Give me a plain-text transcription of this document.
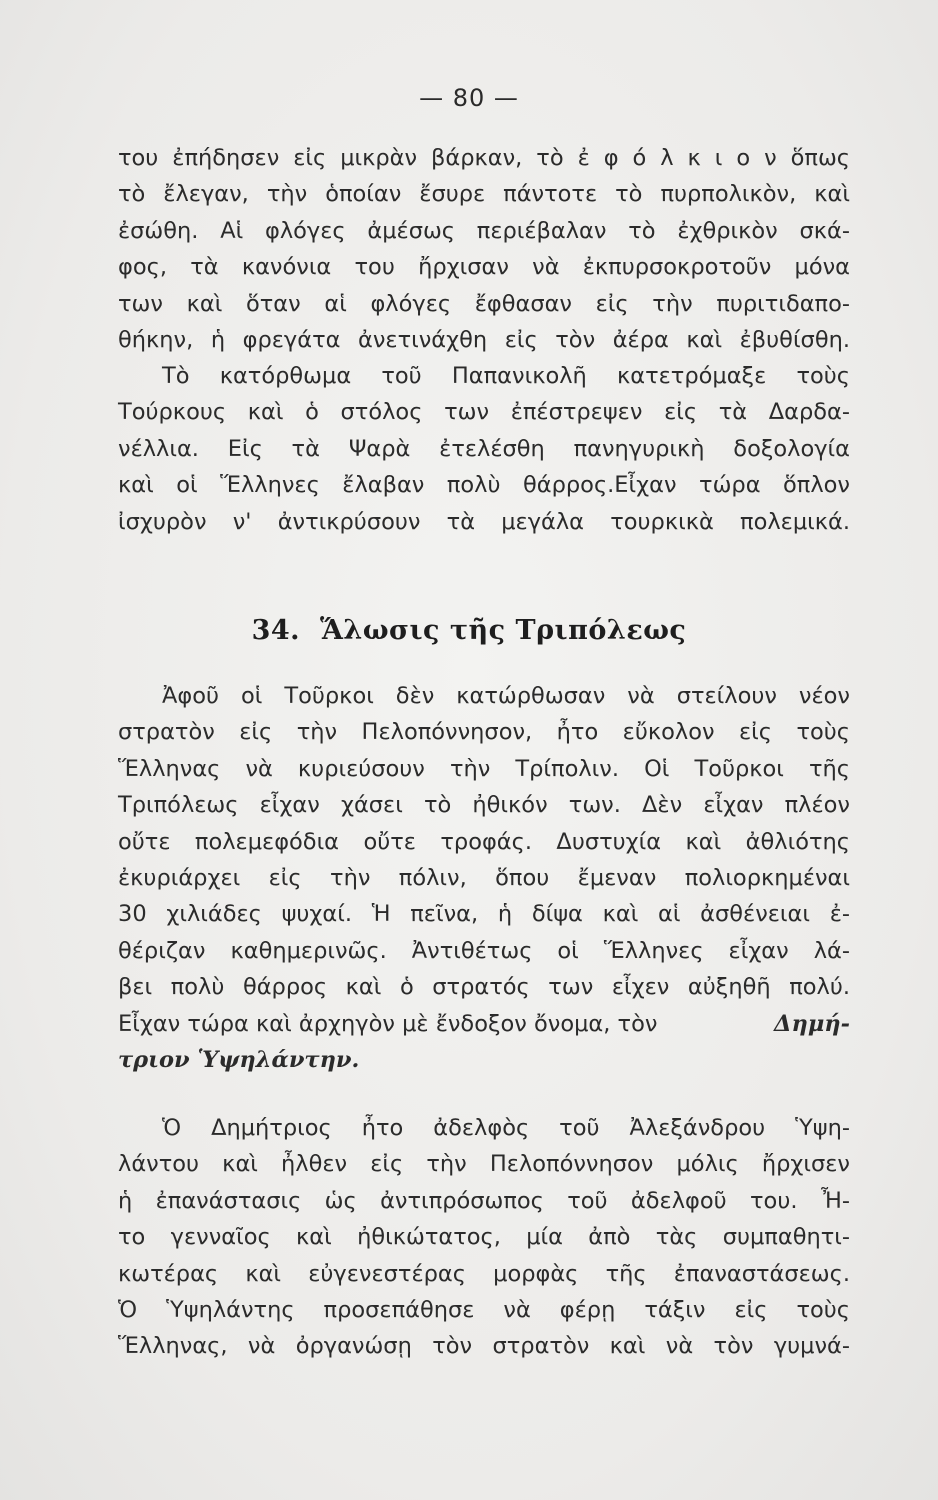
— 80 —
του ἐπήδησεν εἰς μικρὰν βάρκαν, τὸ ἐ φ ό λ κ ι ο ν ὅπως
τὸ ἔλεγαν, τὴν ὁποίαν ἔσυρε πάντοτε τὸ πυρπολικὸν, καὶ
ἐσώθη. Αἱ φλόγες ἀμέσως περιέβαλαν τὸ ἐχθρικὸν σκά-
φος, τὰ κανόνια του ἤρχισαν νὰ ἐκπυρσοκροτοῦν μόνα
των καὶ ὅταν αἱ φλόγες ἔφθασαν εἰς τὴν πυριτιδαπο-
θήκην, ἡ φρεγάτα ἀνετινάχθη εἰς τὸν ἀέρα καὶ ἐβυθίσθη.
Τὸ κατόρθωμα τοῦ Παπανικολῆ κατετρόμαξε τοὺς
Τούρκους καὶ ὁ στόλος των ἐπέστρεψεν εἰς τὰ Δαρδα-
νέλλια. Εἰς τὰ Ψαρὰ ἐτελέσθη πανηγυρικὴ δοξολογία
καὶ οἱ Ἕλληνες ἔλαβαν πολὺ θάρρος.Εἶχαν τώρα ὅπλον
ἰσχυρὸν ν' ἀντικρύσουν τὰ μεγάλα τουρκικὰ πολεμικά.
34. Ἅλωσις τῆς Τριπόλεως
Ἀφοῦ οἱ Τοῦρκοι δὲν κατώρθωσαν νὰ στείλουν νέον
στρατὸν εἰς τὴν Πελοπόννησον, ἦτο εὔκολον εἰς τοὺς
Ἕλληνας νὰ κυριεύσουν τὴν Τρίπολιν. Οἱ Τοῦρκοι τῆς
Τριπόλεως εἶχαν χάσει τὸ ἠθικόν των. Δὲν εἶχαν πλέον
οὔτε πολεμεφόδια οὔτε τροφάς. Δυστυχία καὶ ἀθλιότης
ἐκυριάρχει εἰς τὴν πόλιν, ὅπου ἔμεναν πολιορκημέναι
30 χιλιάδες ψυχαί. Ἡ πεῖνα, ἡ δίψα καὶ αἱ ἀσθένειαι ἐ-
θέριζαν καθημερινῶς. Ἀντιθέτως οἱ Ἕλληνες εἶχαν λά-
βει πολὺ θάρρος καὶ ὁ στρατός των εἶχεν αὐξηθῆ πολύ.
Εἶχαν τώρα καὶ ἀρχηγὸν μὲ ἔνδοξον ὄνομα, τὸν	Δημή-
τριον Ὑψηλάντην.
Ὁ Δημήτριος ἦτο ἀδελφὸς τοῦ Ἀλεξάνδρου Ὑψη-
λάντου καὶ ἦλθεν εἰς τὴν Πελοπόννησον μόλις ἤρχισεν
ἡ ἐπανάστασις ὡς ἀντιπρόσωπος τοῦ ἀδελφοῦ του. Ἦ-
το γενναῖος καὶ ἠθικώτατος, μία ἀπὸ τὰς συμπαθητι-
κωτέρας καὶ εὐγενεστέρας μορφὰς τῆς ἐπαναστάσεως.
Ὁ Ὑψηλάντης προσεπάθησε νὰ φέρῃ τάξιν εἰς τοὺς
Ἕλληνας, νὰ ὀργανώσῃ τὸν στρατὸν καὶ νὰ τὸν γυμνά-
